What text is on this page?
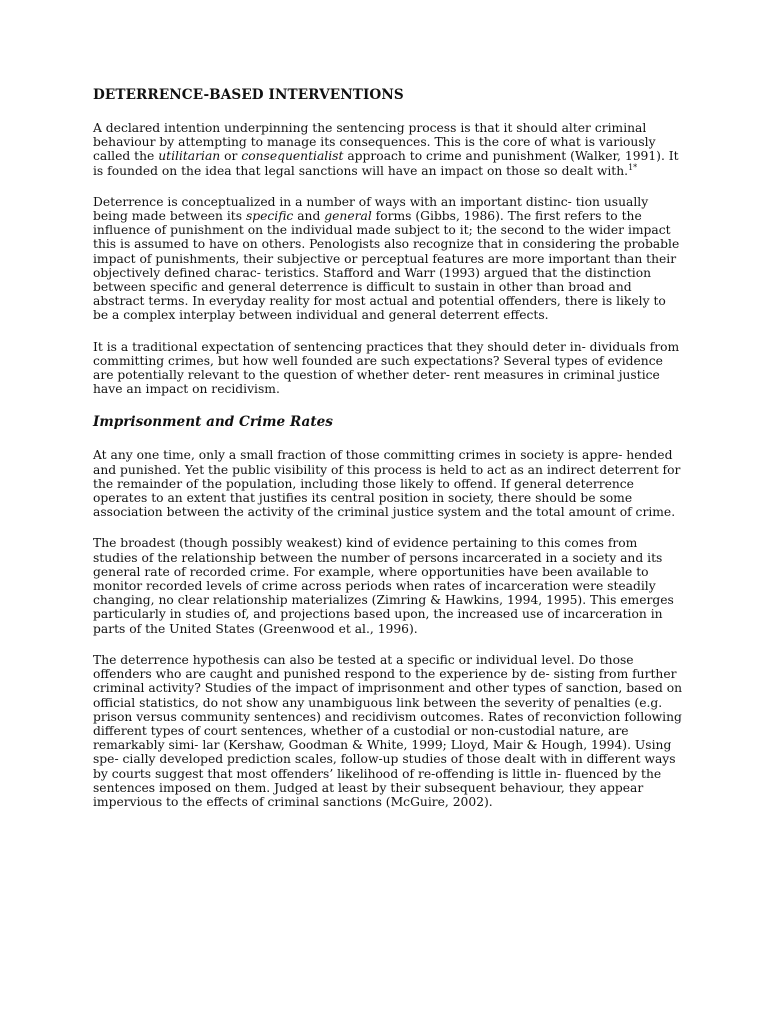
DETERRENCE-BASED INTERVENTIONS

A declared intention underpinning the sentencing process is that it should alter criminal behaviour by attempting to manage its consequences. This is the core of what is variously called the utilitarian or consequentialist approach to crime and punishment (Walker, 1991). It is founded on the idea that legal sanctions will have an impact on those so dealt with.$^{1*}$

Deterrence is conceptualized in a number of ways with an important distinc- tion usually being made between its specific and general forms (Gibbs, 1986). The first refers to the influence of punishment on the individual made subject to it; the second to the wider impact this is assumed to have on others. Penologists also recognize that in considering the probable impact of punishments, their subjective or perceptual features are more important than their objectively defined charac- teristics. Stafford and Warr (1993) argued that the distinction between specific and general deterrence is difficult to sustain in other than broad and abstract terms. In everyday reality for most actual and potential offenders, there is likely to be a complex interplay between individual and general deterrent effects.

It is a traditional expectation of sentencing practices that they should deter in- dividuals from committing crimes, but how well founded are such expectations? Several types of evidence are potentially relevant to the question of whether deter- rent measures in criminal justice have an impact on recidivism.

Imprisonment and Crime Rates

At any one time, only a small fraction of those committing crimes in society is appre- hended and punished. Yet the public visibility of this process is held to act as an indirect deterrent for the remainder of the population, including those likely to offend. If general deterrence operates to an extent that justifies its central position in society, there should be some association between the activity of the criminal justice system and the total amount of crime.

The broadest (though possibly weakest) kind of evidence pertaining to this comes from studies of the relationship between the number of persons incarcerated in a society and its general rate of recorded crime. For example, where opportunities have been available to monitor recorded levels of crime across periods when rates of incarceration were steadily changing, no clear relationship materializes (Zimring & Hawkins, 1994, 1995). This emerges particularly in studies of, and projections based upon, the increased use of incarceration in parts of the United States (Greenwood et al., 1996).

The deterrence hypothesis can also be tested at a specific or individual level. Do those offenders who are caught and punished respond to the experience by de- sisting from further criminal activity? Studies of the impact of imprisonment and other types of sanction, based on official statistics, do not show any unambiguous link between the severity of penalties (e.g. prison versus community sentences) and recidivism outcomes. Rates of reconviction following different types of court sentences, whether of a custodial or non-custodial nature, are remarkably simi- lar (Kershaw, Goodman & White, 1999; Lloyd, Mair & Hough, 1994). Using spe- cially developed prediction scales, follow-up studies of those dealt with in different ways by courts suggest that most offenders’ likelihood of re-offending is little in- fluenced by the sentences imposed on them. Judged at least by their subsequent behaviour, they appear impervious to the effects of criminal sanctions (McGuire, 2002).
